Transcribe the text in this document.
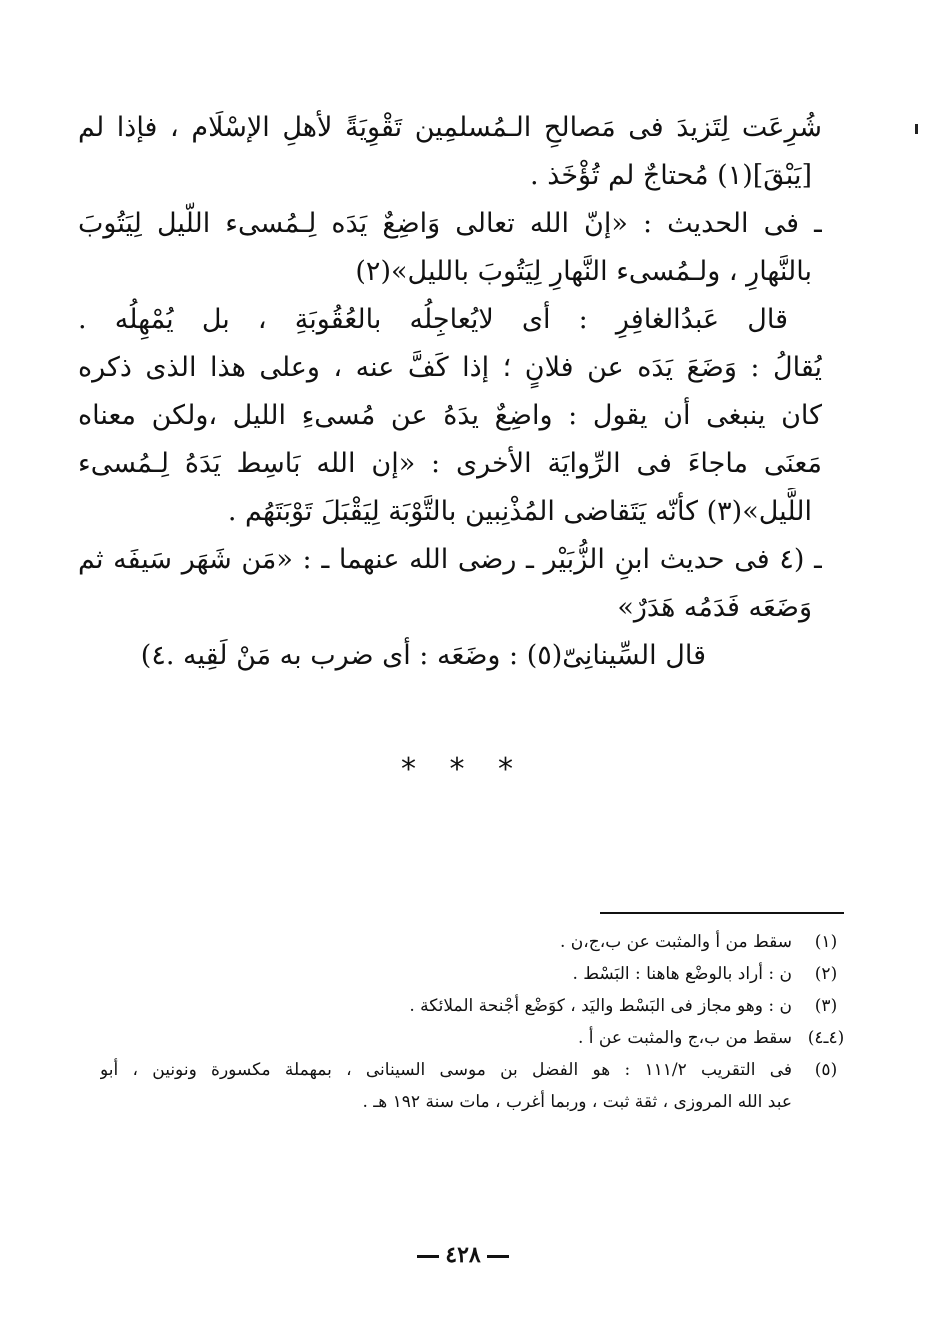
شُرِعَت لِتَزيدَ فى مَصالحِ الـمُسلمِين تَقْوِيَةً لأهلِ الإسْلَام ، فإذا لم
[يَبْقَ](١) مُحتاجٌ لم تُؤْخَذ .
ـ فى الحديث : «إنّ الله تعالى وَاضِعٌ يَدَه لِـمُسىء اللّيل لِيَتُوبَ
بالنَّهارِ ، ولـمُسىء النَّهارِ لِيَتُوبَ بالليل»(٢)
قال عَبدُالغافِرِ : أى لايُعاجِلُه بالعُقُوبَةِ ، بل يُمْهِلُه .
يُقالُ : وَضَعَ يَدَه عن فلانٍ ؛ إذا كَفَّ عنه ، وعلى هذا الذى ذكره
كان ينبغى أن يقول : واضِعٌ يدَهُ عن مُسىءِ الليل ،ولكن معناه
مَعنَى ماجاءَ فى الرِّوايَة الأخرى : «إن الله بَاسِط يَدَهُ لِـمُسىء
اللَّيل»(٣) كأنّه يَتَقاضى المُذْنِبين بالتَّوْبَة لِيَقْبَلَ تَوْبَتَهُم .
ـ (٤ فى حديث ابنِ الزُّبَيْر ـ رضى الله عنهما ـ : «مَن شَهَر سَيفَه ثم
وَضَعَه فَدَمُه هَدَرٌ»
قال السِّينانِىّ(٥) : وضَعَه : أى ضرب به مَنْ لَقِيه .٤)
* * *
(١)
سقط من أ والمثبت عن ب،ج،ن .
(٢)
ن : أراد بالوضْع هاهنا : البَسْط .
(٣)
ن : وهو مجاز فى البَسْط واليَد ، كوَضْع أجْنحة الملائكة .
(٤ـ٤)
سقط من ب،ج والمثبت عن أ .
(٥)
فى التقريب ١١١/٢ : هو الفضل بن موسى السينانى ، بمهملة مكسورة ونونين ، أبو
عبد الله المروزى ، ثقة ثبت ، وربما أغرب ، مات سنة ١٩٢ هـ .
٤٢٨
